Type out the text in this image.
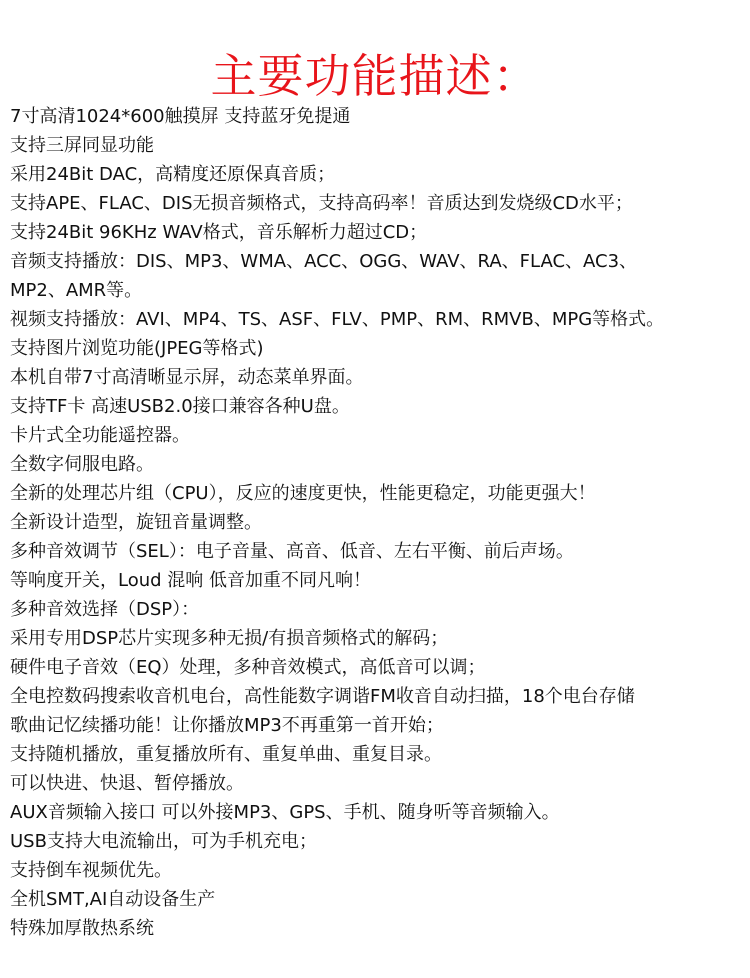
主要功能描述：
7寸高清1024*600触摸屏 支持蓝牙免提通
支持三屏同显功能
采用24Bit DAC，高精度还原保真音质；
支持APE、FLAC、DIS无损音频格式，支持高码率！音质达到发烧级CD水平；
支持24Bit 96KHz WAV格式，音乐解析力超过CD；
音频支持播放：DIS、MP3、WMA、ACC、OGG、WAV、RA、FLAC、AC3、
MP2、AMR等。
视频支持播放：AVI、MP4、TS、ASF、FLV、PMP、RM、RMVB、MPG等格式。
支持图片浏览功能(JPEG等格式)
本机自带7寸高清晰显示屏，动态菜单界面。
支持TF卡 高速USB2.0接口兼容各种U盘。
卡片式全功能遥控器。
全数字伺服电路。
全新的处理芯片组（CPU），反应的速度更快，性能更稳定，功能更强大！
全新设计造型，旋钮音量调整。
多种音效调节（SEL）：电子音量、高音、低音、左右平衡、前后声场。
等响度开关，Loud 混响 低音加重不同凡响！
多种音效选择（DSP）：
采用专用DSP芯片实现多种无损/有损音频格式的解码；
硬件电子音效（EQ）处理，多种音效模式，高低音可以调；
全电控数码搜索收音机电台，高性能数字调谐FM收音自动扫描，18个电台存储
歌曲记忆续播功能！让你播放MP3不再重第一首开始；
支持随机播放，重复播放所有、重复单曲、重复目录。
可以快进、快退、暂停播放。
AUX音频输入接口 可以外接MP3、GPS、手机、随身听等音频输入。
USB支持大电流输出，可为手机充电；
支持倒车视频优先。
全机SMT,AI自动设备生产
特殊加厚散热系统
